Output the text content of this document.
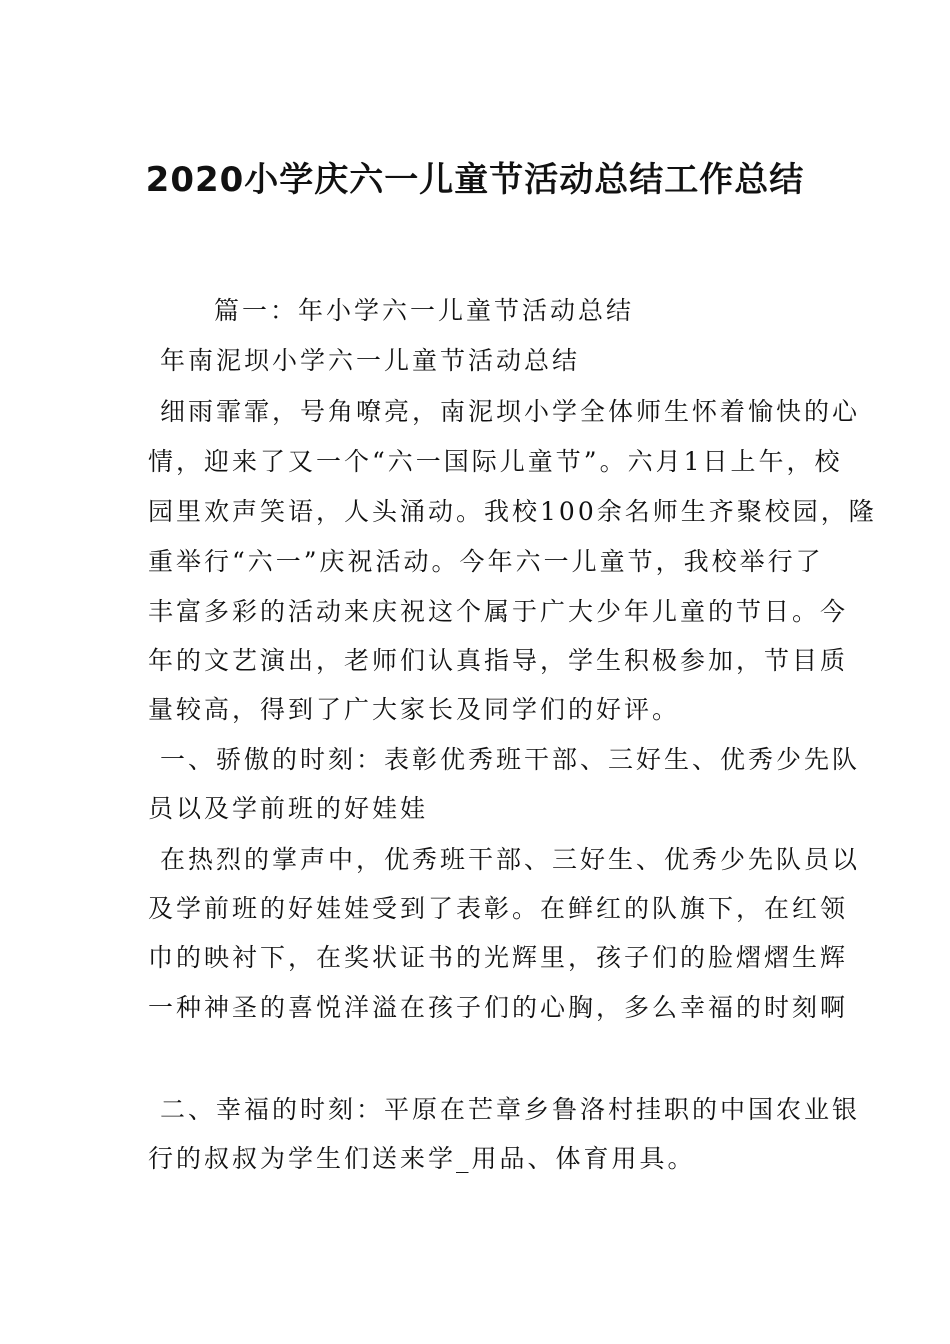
2020小学庆六一儿童节活动总结工作总结

篇一：年小学六一儿童节活动总结

年南泥坝小学六一儿童节活动总结

细雨霏霏，号角嘹亮，南泥坝小学全体师生怀着愉快的心

情，迎来了又一个“六一国际儿童节”。六月1日上午，校

园里欢声笑语，人头涌动。我校100余名师生齐聚校园，隆

重举行“六一”庆祝活动。今年六一儿童节，我校举行了

丰富多彩的活动来庆祝这个属于广大少年儿童的节日。今

年的文艺演出，老师们认真指导，学生积极参加，节目质

量较高，得到了广大家长及同学们的好评。

一、骄傲的时刻：表彰优秀班干部、三好生、优秀少先队

员以及学前班的好娃娃

在热烈的掌声中，优秀班干部、三好生、优秀少先队员以

及学前班的好娃娃受到了表彰。在鲜红的队旗下，在红领

巾的映衬下，在奖状证书的光辉里，孩子们的脸熠熠生辉

一种神圣的喜悦洋溢在孩子们的心胸，多么幸福的时刻啊

二、幸福的时刻：平原在芒章乡鲁洛村挂职的中国农业银

行的叔叔为学生们送来学_用品、体育用具。
